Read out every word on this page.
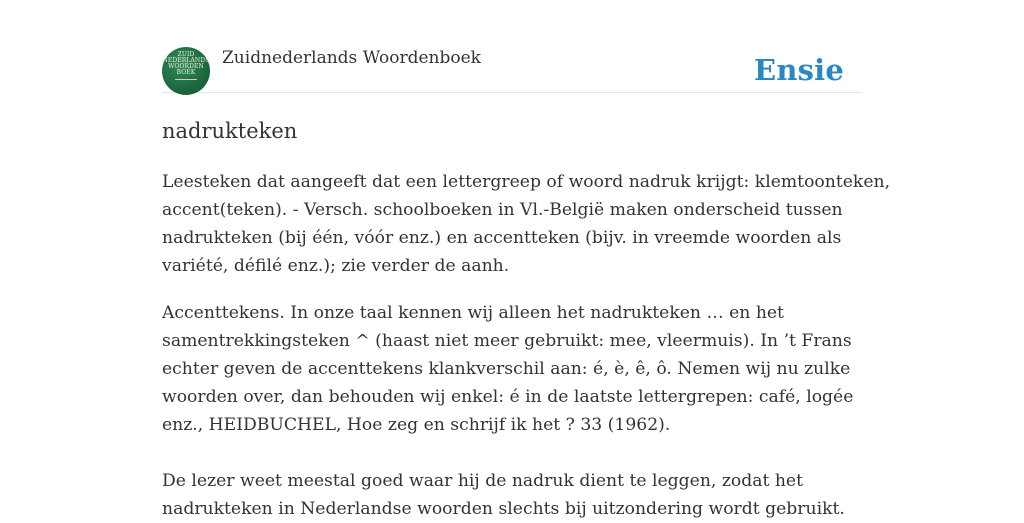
ZUID
NEDERLANDS
WOORDEN
BOEK
Zuidnederlands Woordenboek	Ensie
nadrukteken

Leesteken dat aangeeft dat een lettergreep of woord nadruk krijgt: klemtoonteken,
accent(teken). - Versch. schoolboeken in Vl.-België maken onderscheid tussen
nadrukteken (bij één, vóór enz.) en accentteken (bijv. in vreemde woorden als
variété, défilé enz.); zie verder de aanh.

Accenttekens. In onze taal kennen wij alleen het nadrukteken … en het
samentrekkingsteken ^ (haast niet meer gebruikt: mee, vleermuis). In ’t Frans
echter geven de accenttekens klankverschil aan: é, è, ê, ô. Nemen wij nu zulke
woorden over, dan behouden wij enkel: é in de laatste lettergrepen: café, logée
enz., HEIDBUCHEL, Hoe zeg en schrijf ik het ? 33 (1962).

De lezer weet meestal goed waar hij de nadruk dient te leggen, zodat het
nadrukteken in Nederlandse woorden slechts bij uitzondering wordt gebruikt.
